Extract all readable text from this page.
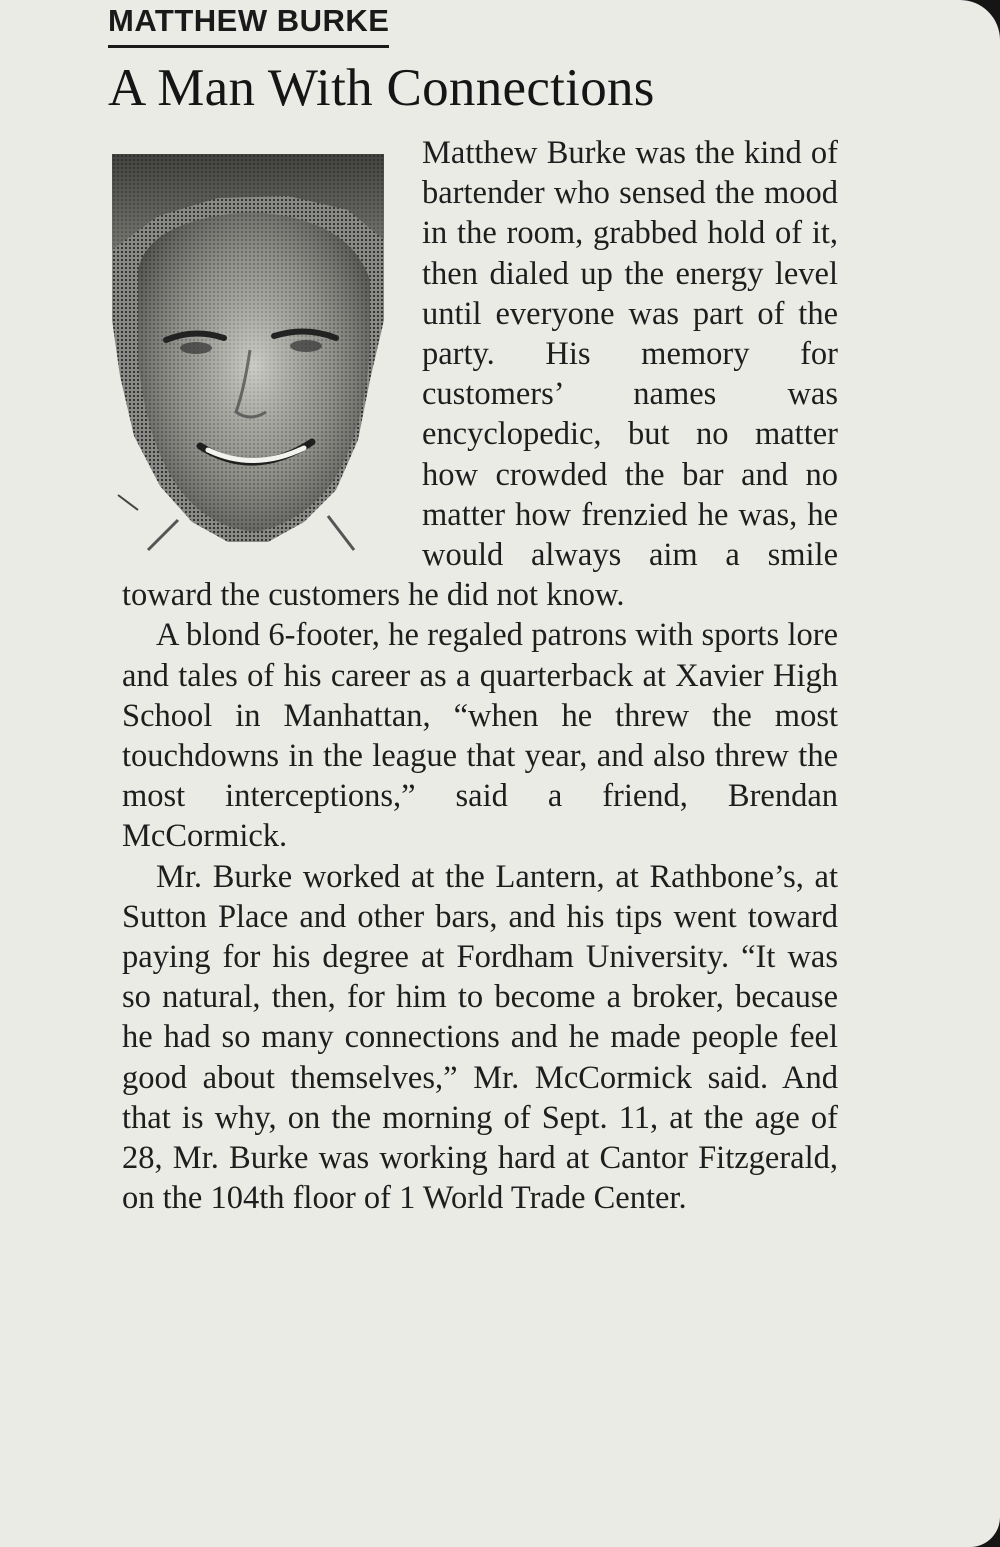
MATTHEW BURKE
A Man With Connections

Matthew Burke was the kind of bartender who sensed the mood in the room, grabbed hold of it, then dialed up the energy level until everyone was part of the party. His memory for customers’ names was encyclopedic, but no matter how crowded the bar and no matter how frenzied he was, he would always aim a smile toward the customers he did not know.

A blond 6-footer, he regaled patrons with sports lore and tales of his career as a quarterback at Xavier High School in Manhattan, “when he threw the most touchdowns in the league that year, and also threw the most interceptions,” said a friend, Brendan McCormick.

Mr. Burke worked at the Lantern, at Rathbone’s, at Sutton Place and other bars, and his tips went toward paying for his degree at Fordham University. “It was so natural, then, for him to become a broker, because he had so many connections and he made people feel good about themselves,” Mr. McCormick said. And that is why, on the morning of Sept. 11, at the age of 28, Mr. Burke was working hard at Cantor Fitzgerald, on the 104th floor of 1 World Trade Center.
